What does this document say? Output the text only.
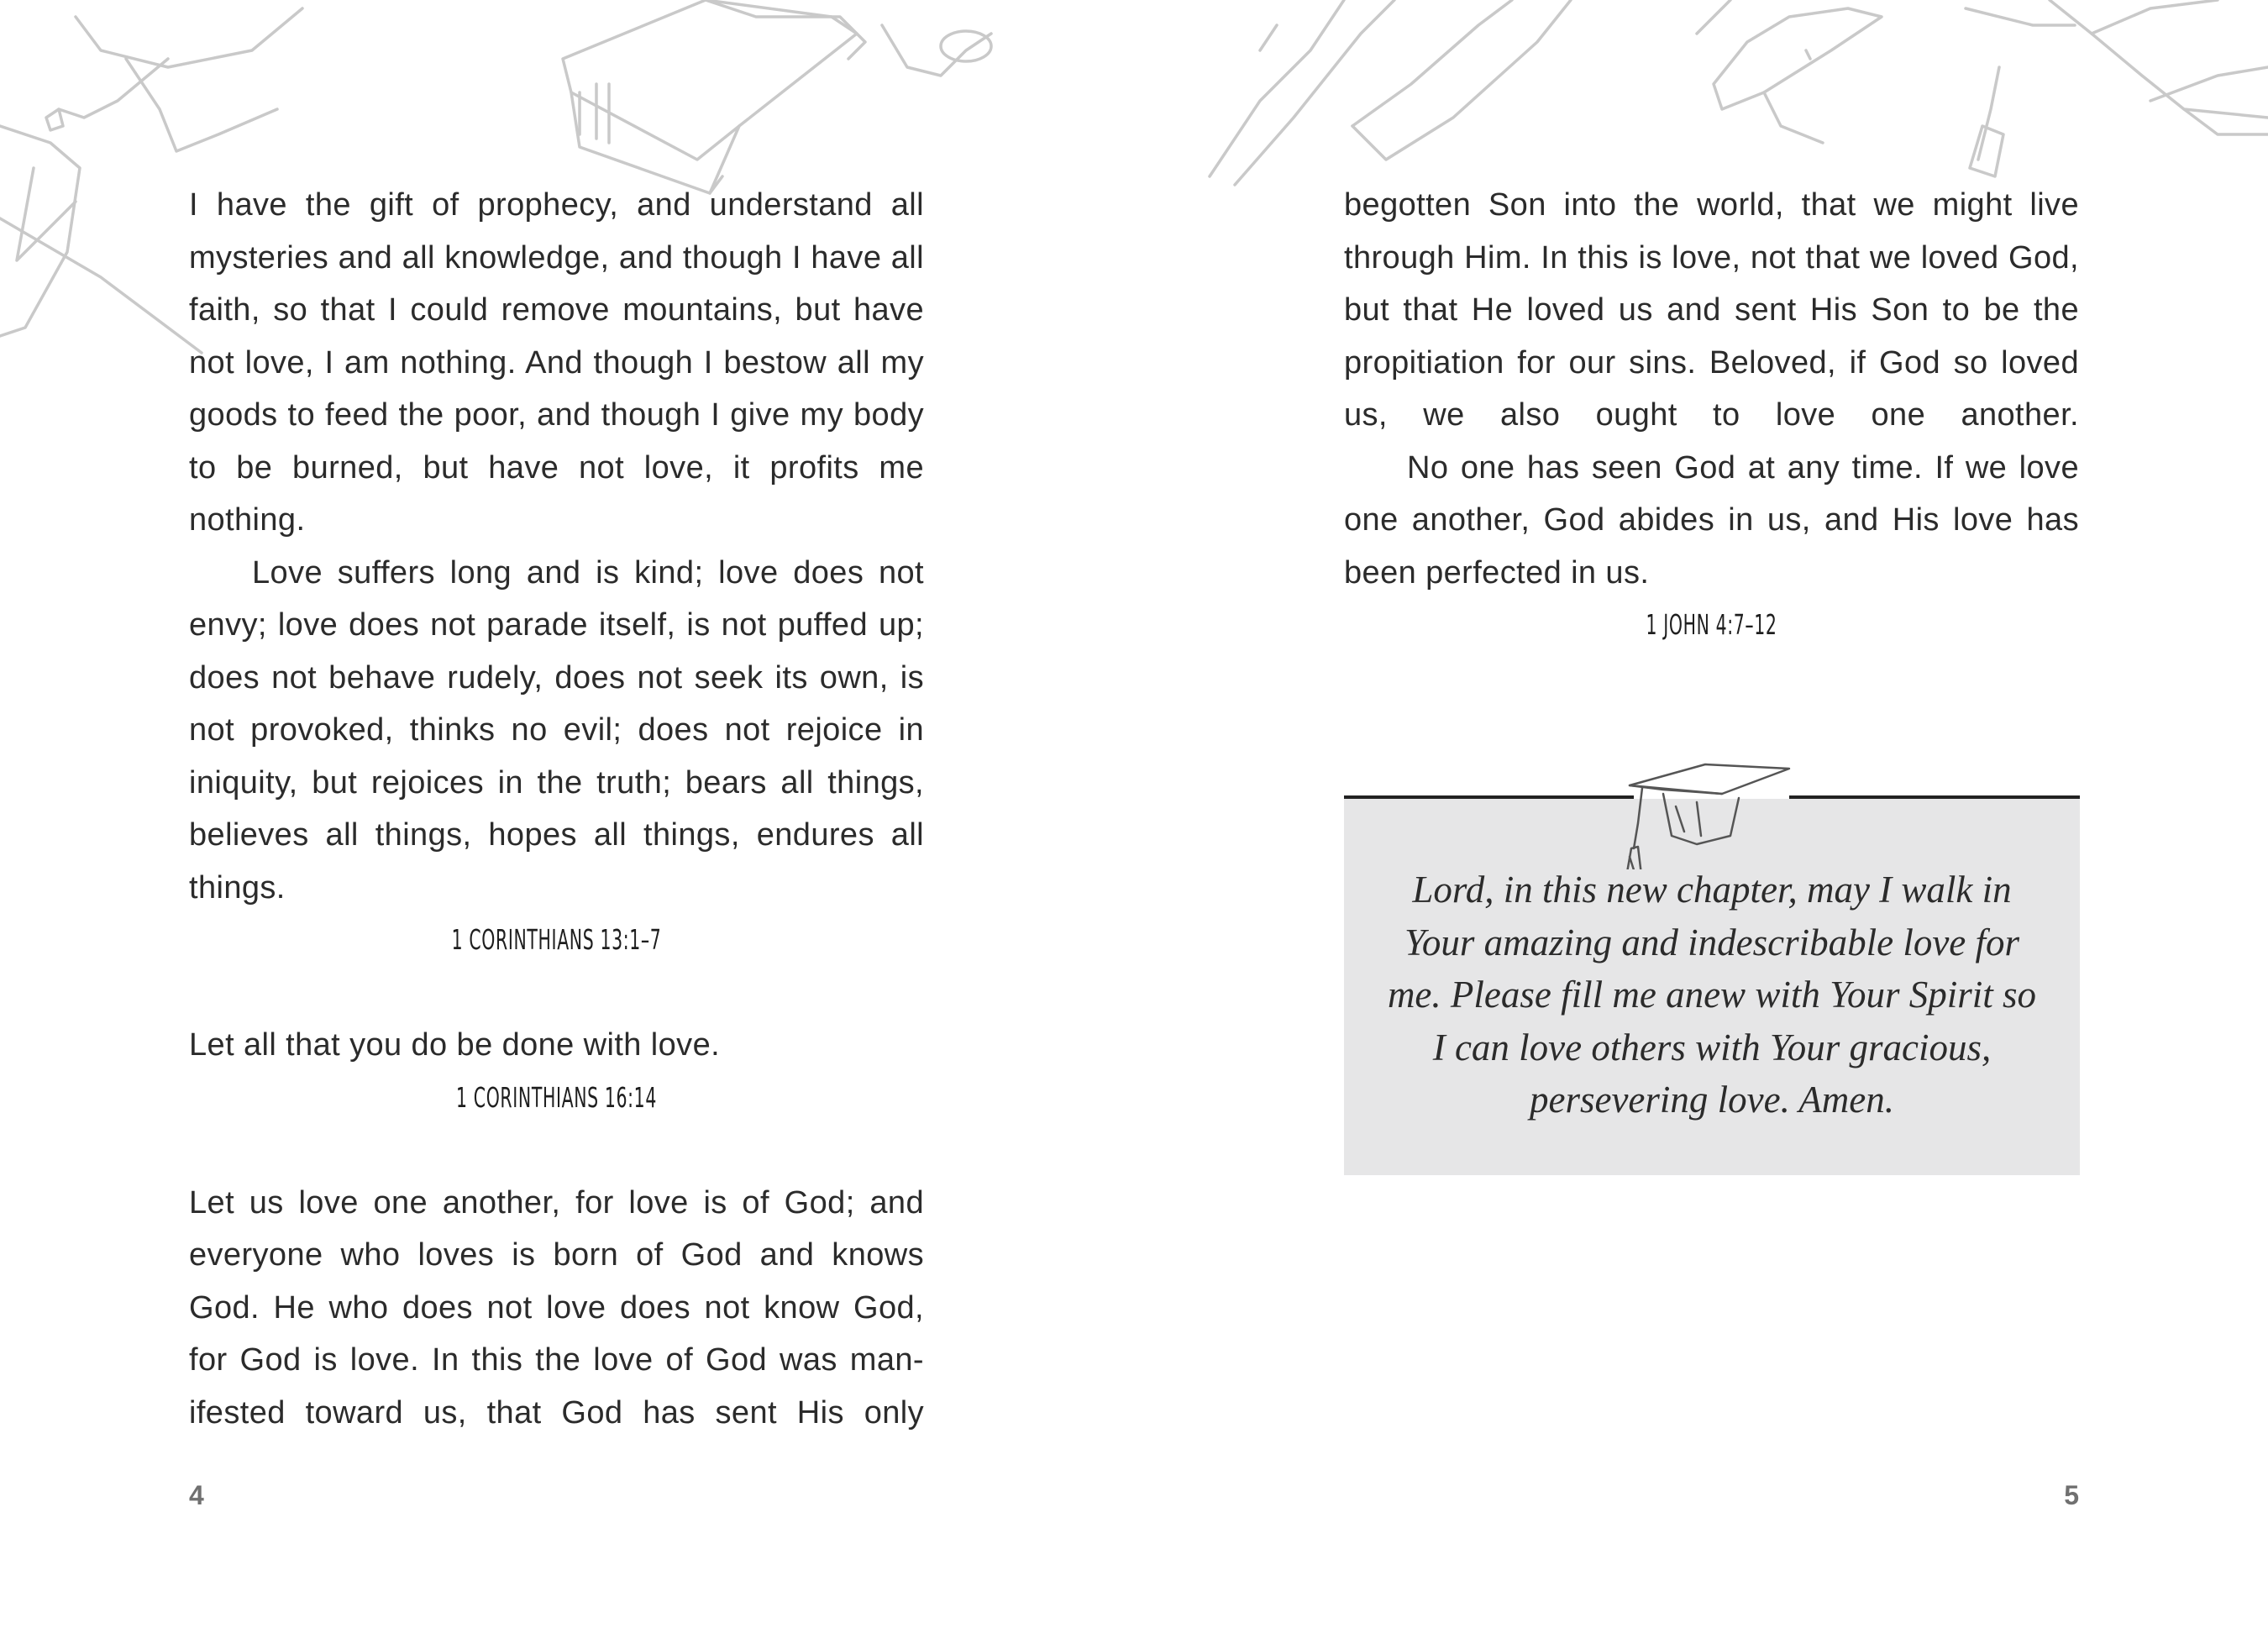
I have the gift of prophecy, and understand all mysteries and all knowledge, and though I have all faith, so that I could remove mountains, but have not love, I am nothing. And though I bestow all my goods to feed the poor, and though I give my body to be burned, but have not love, it profits me nothing.

Love suffers long and is kind; love does not envy; love does not parade itself, is not puffed up; does not behave rudely, does not seek its own, is not provoked, thinks no evil; does not rejoice in iniquity, but rejoices in the truth; bears all things, believes all things, hopes all things, endures all things.

1 CORINTHIANS 13:1–7

Let all that you do be done with love.

1 CORINTHIANS 16:14

Let us love one another, for love is of God; and everyone who loves is born of God and knows God. He who does not love does not know God, for God is love. In this the love of God was man-ifested toward us, that God has sent His only

4

begotten Son into the world, that we might live through Him. In this is love, not that we loved God, but that He loved us and sent His Son to be the propitiation for our sins. Beloved, if God so loved us, we also ought to love one another.

No one has seen God at any time. If we love one another, God abides in us, and His love has been perfected in us.

1 JOHN 4:7–12

Lord, in this new chapter, may I walk in Your amazing and indescribable love for me. Please fill me anew with Your Spirit so I can love others with Your gracious, persevering love. Amen.

5
